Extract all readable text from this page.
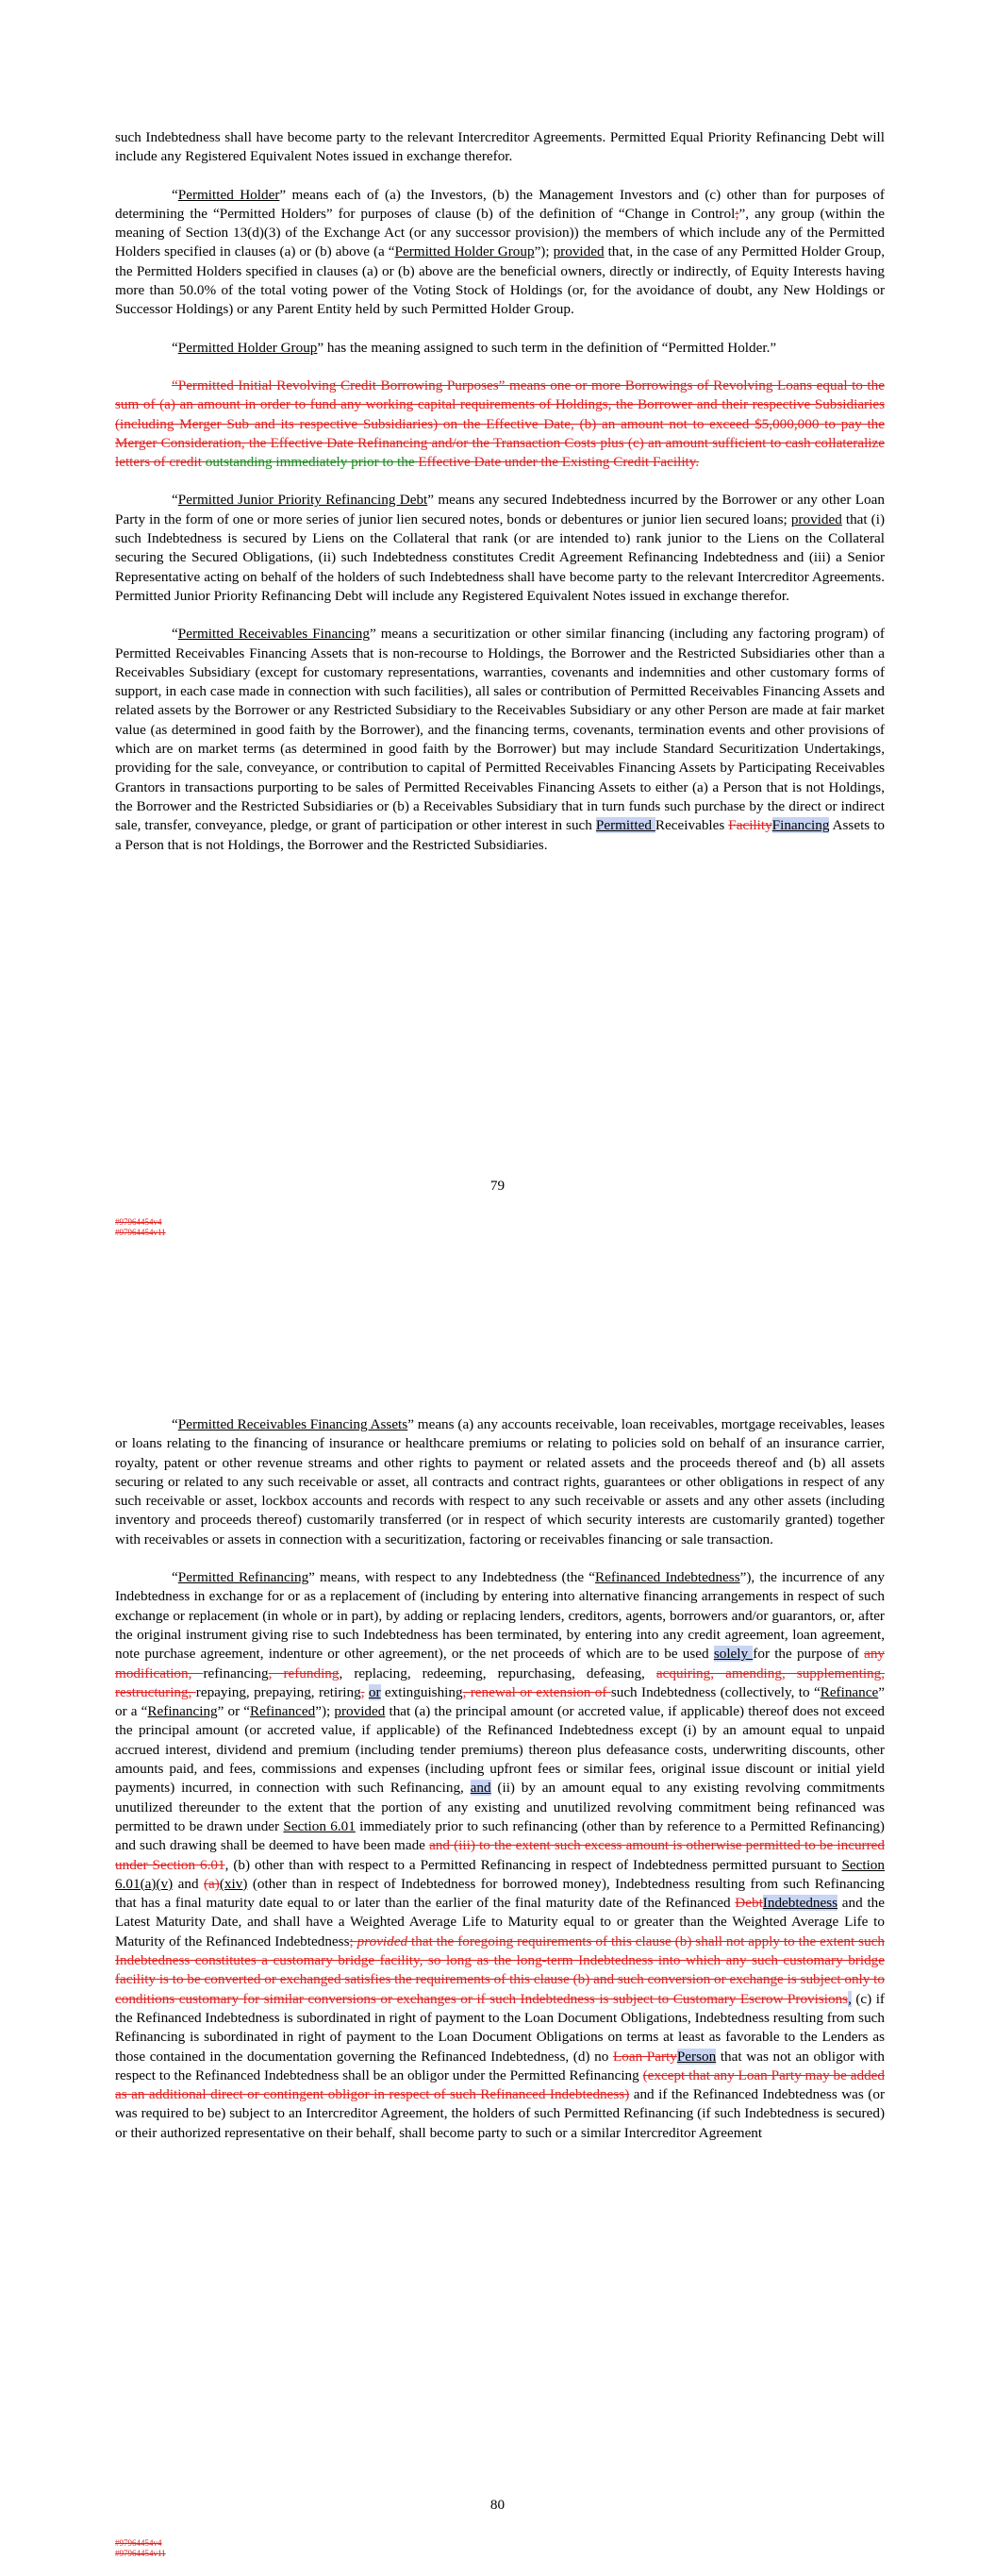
such Indebtedness shall have become party to the relevant Intercreditor Agreements. Permitted Equal Priority Refinancing Debt will include any Registered Equivalent Notes issued in exchange therefor.

“Permitted Holder” means each of (a) the Investors, (b) the Management Investors and (c) other than for purposes of determining the “Permitted Holders” for purposes of clause (b) of the definition of “Change in Control;”, any group (within the meaning of Section 13(d)(3) of the Exchange Act (or any successor provision)) the members of which include any of the Permitted Holders specified in clauses (a) or (b) above (a “Permitted Holder Group”); provided that, in the case of any Permitted Holder Group, the Permitted Holders specified in clauses (a) or (b) above are the beneficial owners, directly or indirectly, of Equity Interests having more than 50.0% of the total voting power of the Voting Stock of Holdings (or, for the avoidance of doubt, any New Holdings or Successor Holdings) or any Parent Entity held by such Permitted Holder Group.

“Permitted Holder Group” has the meaning assigned to such term in the definition of “Permitted Holder.”

“Permitted Initial Revolving Credit Borrowing Purposes” means one or more Borrowings of Revolving Loans equal to the sum of (a) an amount in order to fund any working capital requirements of Holdings, the Borrower and their respective Subsidiaries (including Merger Sub and its respective Subsidiaries) on the Effective Date, (b) an amount not to exceed $5,000,000 to pay the Merger Consideration, the Effective Date Refinancing and/or the Transaction Costs plus (c) an amount sufficient to cash collateralize letters of credit outstanding immediately prior to the Effective Date under the Existing Credit Facility.

“Permitted Junior Priority Refinancing Debt” means any secured Indebtedness incurred by the Borrower or any other Loan Party in the form of one or more series of junior lien secured notes, bonds or debentures or junior lien secured loans; provided that (i) such Indebtedness is secured by Liens on the Collateral that rank (or are intended to) rank junior to the Liens on the Collateral securing the Secured Obligations, (ii) such Indebtedness constitutes Credit Agreement Refinancing Indebtedness and (iii) a Senior Representative acting on behalf of the holders of such Indebtedness shall have become party to the relevant Intercreditor Agreements. Permitted Junior Priority Refinancing Debt will include any Registered Equivalent Notes issued in exchange therefor.

“Permitted Receivables Financing” means a securitization or other similar financing (including any factoring program) of Permitted Receivables Financing Assets that is non-recourse to Holdings, the Borrower and the Restricted Subsidiaries other than a Receivables Subsidiary (except for customary representations, warranties, covenants and indemnities and other customary forms of support, in each case made in connection with such facilities), all sales or contribution of Permitted Receivables Financing Assets and related assets by the Borrower or any Restricted Subsidiary to the Receivables Subsidiary or any other Person are made at fair market value (as determined in good faith by the Borrower), and the financing terms, covenants, termination events and other provisions of which are on market terms (as determined in good faith by the Borrower) but may include Standard Securitization Undertakings, providing for the sale, conveyance, or contribution to capital of Permitted Receivables Financing Assets by Participating Receivables Grantors in transactions purporting to be sales of Permitted Receivables Financing Assets to either (a) a Person that is not Holdings, the Borrower and the Restricted Subsidiaries or (b) a Receivables Subsidiary that in turn funds such purchase by the direct or indirect sale, transfer, conveyance, pledge, or grant of participation or other interest in such Permitted Receivables FacilityFinancing Assets to a Person that is not Holdings, the Borrower and the Restricted Subsidiaries.

79
#97964454v4
#97964454v11

“Permitted Receivables Financing Assets” means (a) any accounts receivable, loan receivables, mortgage receivables, leases or loans relating to the financing of insurance or healthcare premiums or relating to policies sold on behalf of an insurance carrier, royalty, patent or other revenue streams and other rights to payment or related assets and the proceeds thereof and (b) all assets securing or related to any such receivable or asset, all contracts and contract rights, guarantees or other obligations in respect of any such receivable or asset, lockbox accounts and records with respect to any such receivable or assets and any other assets (including inventory and proceeds thereof) customarily transferred (or in respect of which security interests are customarily granted) together with receivables or assets in connection with a securitization, factoring or receivables financing or sale transaction.

“Permitted Refinancing” means, with respect to any Indebtedness (the “Refinanced Indebtedness”), the incurrence of any Indebtedness in exchange for or as a replacement of (including by entering into alternative financing arrangements in respect of such exchange or replacement (in whole or in part), by adding or replacing lenders, creditors, agents, borrowers and/or guarantors, or, after the original instrument giving rise to such Indebtedness has been terminated, by entering into any credit agreement, loan agreement, note purchase agreement, indenture or other agreement), or the net proceeds of which are to be used solely for the purpose of any modification, refinancing, refunding, replacing, redeeming, repurchasing, defeasing, acquiring, amending, supplementing, restructuring, repaying, prepaying, retiring, or extinguishing, renewal or extension of such Indebtedness (collectively, to “Refinance” or a “Refinancing” or “Refinanced”); provided that (a) the principal amount (or accreted value, if applicable) thereof does not exceed the principal amount (or accreted value, if applicable) of the Refinanced Indebtedness except (i) by an amount equal to unpaid accrued interest, dividend and premium (including tender premiums) thereon plus defeasance costs, underwriting discounts, other amounts paid, and fees, commissions and expenses (including upfront fees or similar fees, original issue discount or initial yield payments) incurred, in connection with such Refinancing, and (ii) by an amount equal to any existing revolving commitments unutilized thereunder to the extent that the portion of any existing and unutilized revolving commitment being refinanced was permitted to be drawn under Section 6.01 immediately prior to such refinancing (other than by reference to a Permitted Refinancing) and such drawing shall be deemed to have been made and (iii) to the extent such excess amount is otherwise permitted to be incurred under Section 6.01, (b) other than with respect to a Permitted Refinancing in respect of Indebtedness permitted pursuant to Section 6.01(a)(v) and (a)(xiv) (other than in respect of Indebtedness for borrowed money), Indebtedness resulting from such Refinancing that has a final maturity date equal to or later than the earlier of the final maturity date of the Refinanced DebtIndebtedness and the Latest Maturity Date, and shall have a Weighted Average Life to Maturity equal to or greater than the Weighted Average Life to Maturity of the Refinanced Indebtedness; provided that the foregoing requirements of this clause (b) shall not apply to the extent such Indebtedness constitutes a customary bridge facility, so long as the long-term Indebtedness into which any such customary bridge facility is to be converted or exchanged satisfies the requirements of this clause (b) and such conversion or exchange is subject only to conditions customary for similar conversions or exchanges or if such Indebtedness is subject to Customary Escrow Provisions, (c) if the Refinanced Indebtedness is subordinated in right of payment to the Loan Document Obligations, Indebtedness resulting from such Refinancing is subordinated in right of payment to the Loan Document Obligations on terms at least as favorable to the Lenders as those contained in the documentation governing the Refinanced Indebtedness, (d) no Loan PartyPerson that was not an obligor with respect to the Refinanced Indebtedness shall be an obligor under the Permitted Refinancing (except that any Loan Party may be added as an additional direct or contingent obligor in respect of such Refinanced Indebtedness) and if the Refinanced Indebtedness was (or was required to be) subject to an Intercreditor Agreement, the holders of such Permitted Refinancing (if such Indebtedness is secured) or their authorized representative on their behalf, shall become party to such or a similar Intercreditor Agreement

80
#97964454v4
#97964454v11
